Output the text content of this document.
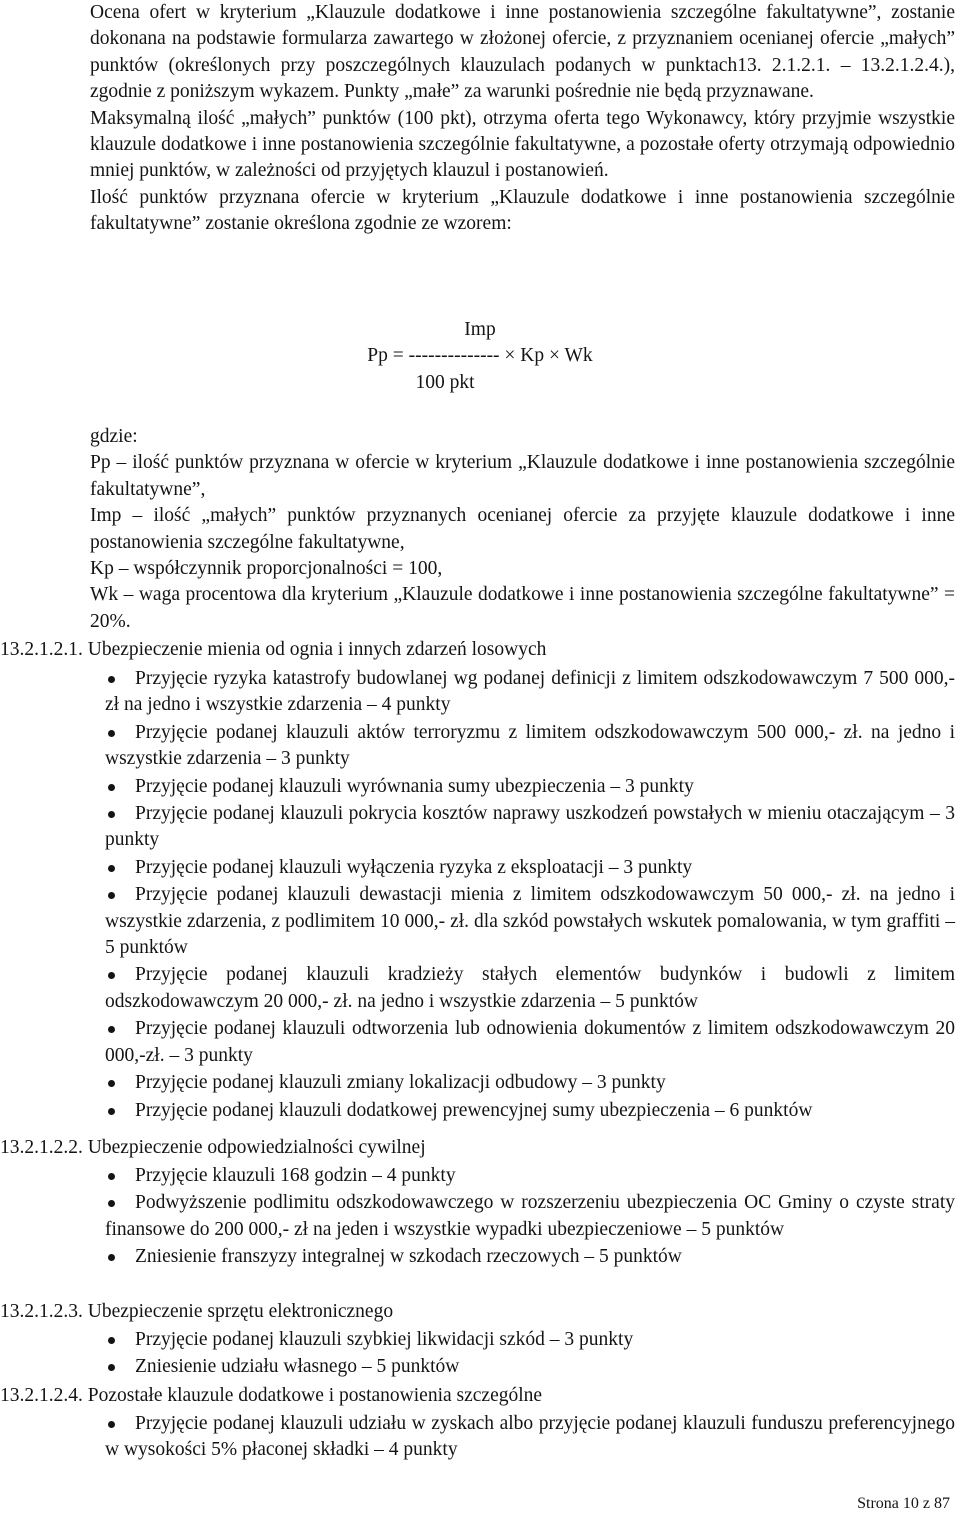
Ocena ofert w kryterium „Klauzule dodatkowe i inne postanowienia szczególne fakultatywne”, zostanie dokonana na podstawie formularza zawartego w złożonej ofercie, z przyznaniem ocenianej ofercie „małych” punktów (określonych przy poszczególnych klauzulach podanych w punktach13. 2.1.2.1. – 13.2.1.2.4.), zgodnie z poniższym wykazem. Punkty „małe” za warunki pośrednie nie będą przyznawane.

Maksymalną ilość „małych” punktów (100 pkt), otrzyma oferta tego Wykonawcy, który przyjmie wszystkie klauzule dodatkowe i inne postanowienia szczególnie fakultatywne, a pozostałe oferty otrzymają odpowiednio mniej punktów, w zależności od przyjętych klauzul i postanowień.

Ilość punktów przyznana ofercie w kryterium „Klauzule dodatkowe i inne postanowienia szczególnie fakultatywne” zostanie określona zgodnie ze wzorem:

Imp
Pp = -------------- × Kp × Wk
100 pkt

gdzie:

Pp – ilość punktów przyznana w ofercie w kryterium „Klauzule dodatkowe i inne postanowienia szczególnie fakultatywne”,

Imp – ilość „małych” punktów przyznanych ocenianej ofercie za przyjęte klauzule dodatkowe i inne postanowienia szczególne fakultatywne,

Kp – współczynnik proporcjonalności = 100,

Wk – waga procentowa dla kryterium „Klauzule dodatkowe i inne postanowienia szczególne fakultatywne” = 20%.

13.2.1.2.1. Ubezpieczenie mienia od ognia i innych zdarzeń losowych

Przyjęcie ryzyka katastrofy budowlanej wg podanej definicji z limitem odszkodowawczym 7 500 000,- zł na jedno i wszystkie zdarzenia – 4 punkty
Przyjęcie podanej klauzuli aktów terroryzmu z limitem odszkodowawczym 500 000,- zł. na jedno i wszystkie zdarzenia – 3 punkty
Przyjęcie podanej klauzuli wyrównania sumy ubezpieczenia – 3 punkty
Przyjęcie podanej klauzuli pokrycia kosztów naprawy uszkodzeń powstałych w mieniu otaczającym – 3 punkty
Przyjęcie podanej klauzuli wyłączenia ryzyka z eksploatacji – 3 punkty
Przyjęcie podanej klauzuli dewastacji mienia z limitem odszkodowawczym 50 000,- zł. na jedno i wszystkie zdarzenia, z podlimitem 10 000,- zł. dla szkód powstałych wskutek pomalowania, w tym graffiti – 5 punktów
Przyjęcie podanej klauzuli kradzieży stałych elementów budynków i budowli z limitem odszkodowawczym 20 000,- zł. na jedno i wszystkie zdarzenia – 5 punktów
Przyjęcie podanej klauzuli odtworzenia lub odnowienia dokumentów z limitem odszkodowawczym 20 000,-zł. – 3 punkty
Przyjęcie podanej klauzuli zmiany lokalizacji odbudowy – 3 punkty
Przyjęcie podanej klauzuli dodatkowej prewencyjnej sumy ubezpieczenia – 6 punktów

13.2.1.2.2. Ubezpieczenie odpowiedzialności cywilnej

Przyjęcie klauzuli 168 godzin – 4 punkty
Podwyższenie podlimitu odszkodowawczego w rozszerzeniu ubezpieczenia OC Gminy o czyste straty finansowe do 200 000,- zł na jeden i wszystkie wypadki ubezpieczeniowe – 5 punktów
Zniesienie franszyzy integralnej w szkodach rzeczowych – 5 punktów

13.2.1.2.3. Ubezpieczenie sprzętu elektronicznego

Przyjęcie podanej klauzuli szybkiej likwidacji szkód – 3 punkty
Zniesienie udziału własnego – 5 punktów

13.2.1.2.4. Pozostałe klauzule dodatkowe i postanowienia szczególne

Przyjęcie podanej klauzuli udziału w zyskach albo przyjęcie podanej klauzuli funduszu preferencyjnego w wysokości 5% płaconej składki – 4 punkty
Strona 10 z 87
